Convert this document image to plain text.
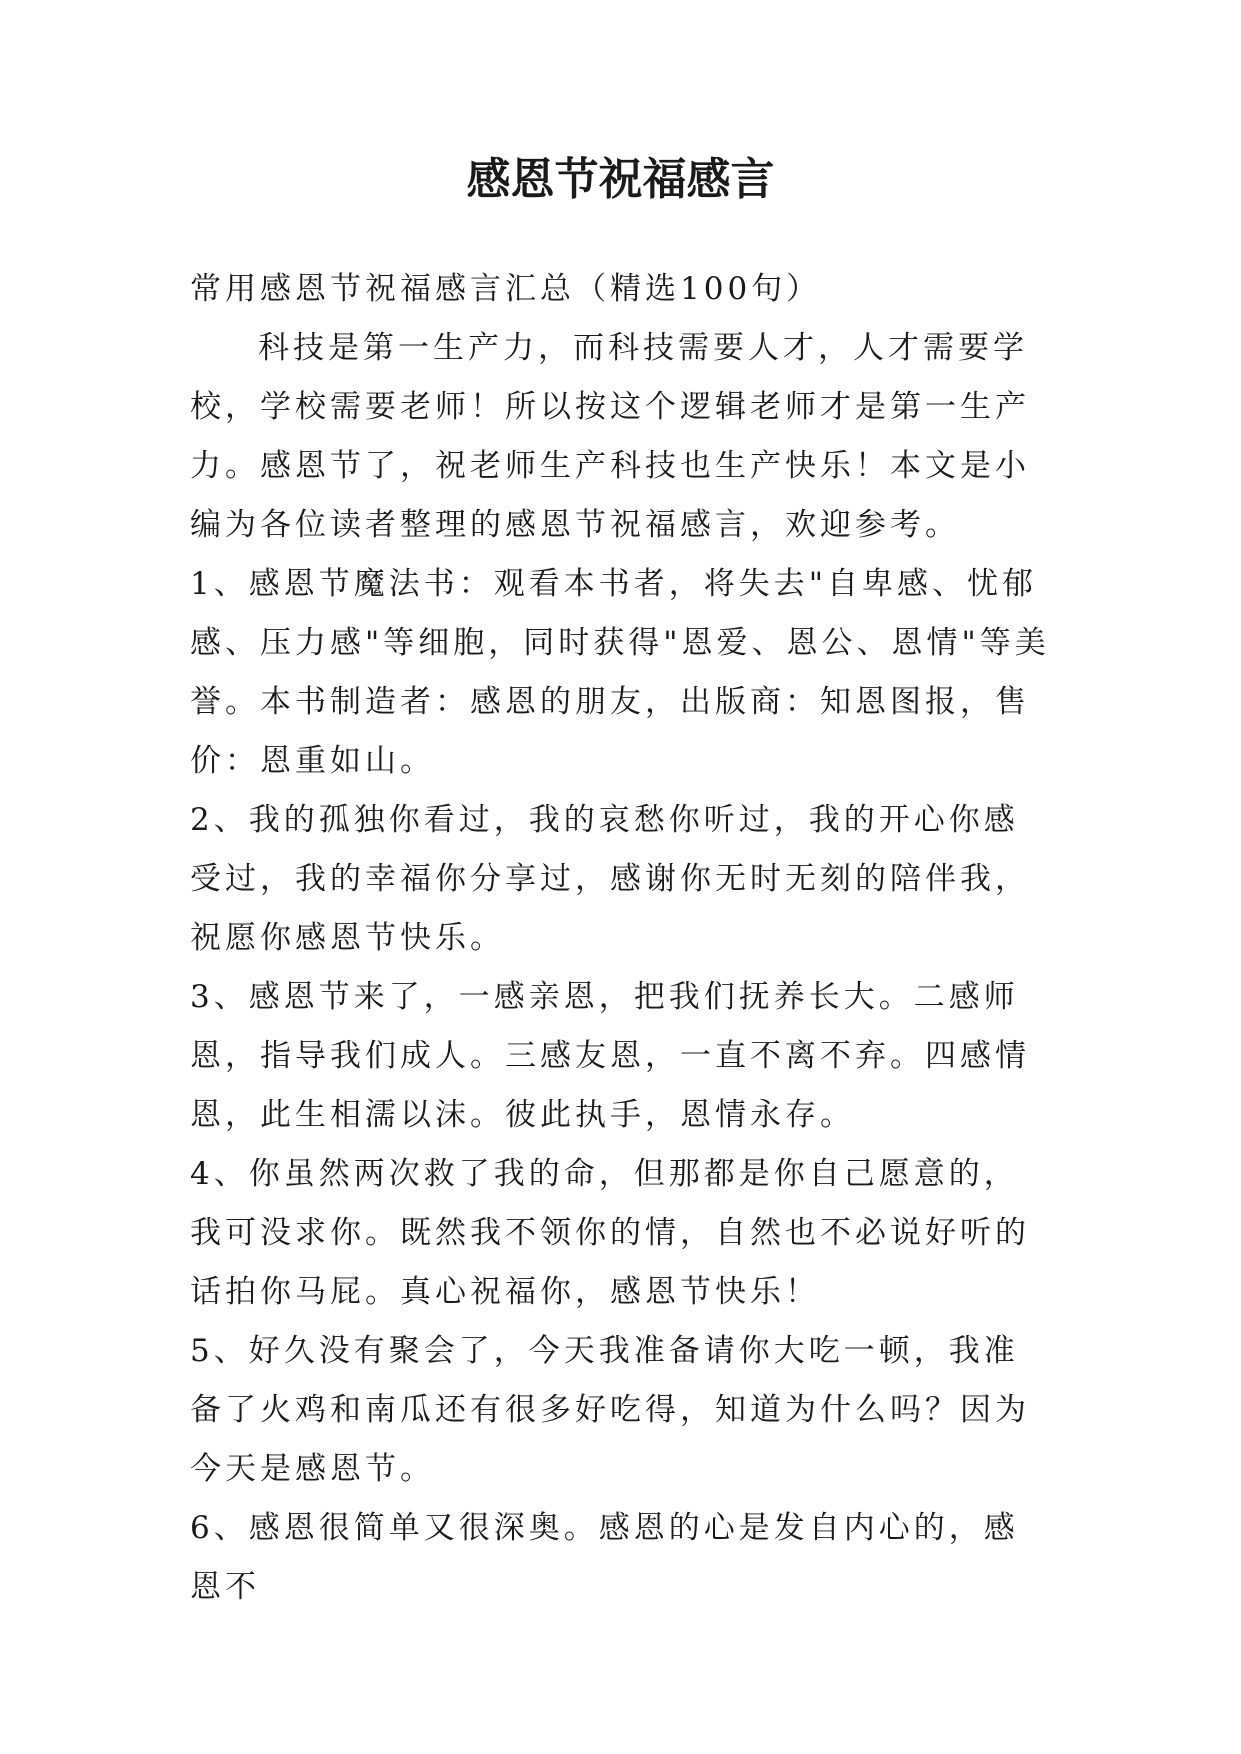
感恩节祝福感言

常用感恩节祝福感言汇总（精选100句）

科技是第一生产力，而科技需要人才，人才需要学校，学校需要老师！所以按这个逻辑老师才是第一生产力。感恩节了，祝老师生产科技也生产快乐！本文是小编为各位读者整理的感恩节祝福感言，欢迎参考。

1、感恩节魔法书：观看本书者，将失去"自卑感、忧郁感、压力感"等细胞，同时获得"恩爱、恩公、恩情"等美誉。本书制造者：感恩的朋友，出版商：知恩图报，售价：恩重如山。

2、我的孤独你看过，我的哀愁你听过，我的开心你感受过，我的幸福你分享过，感谢你无时无刻的陪伴我，祝愿你感恩节快乐。

3、感恩节来了，一感亲恩，把我们抚养长大。二感师恩，指导我们成人。三感友恩，一直不离不弃。四感情恩，此生相濡以沫。彼此执手，恩情永存。

4、你虽然两次救了我的命，但那都是你自己愿意的，我可没求你。既然我不领你的情，自然也不必说好听的话拍你马屁。真心祝福你，感恩节快乐！

5、好久没有聚会了，今天我准备请你大吃一顿，我准备了火鸡和南瓜还有很多好吃得，知道为什么吗？因为今天是感恩节。

6、感恩很简单又很深奥。感恩的心是发自内心的，感恩不
